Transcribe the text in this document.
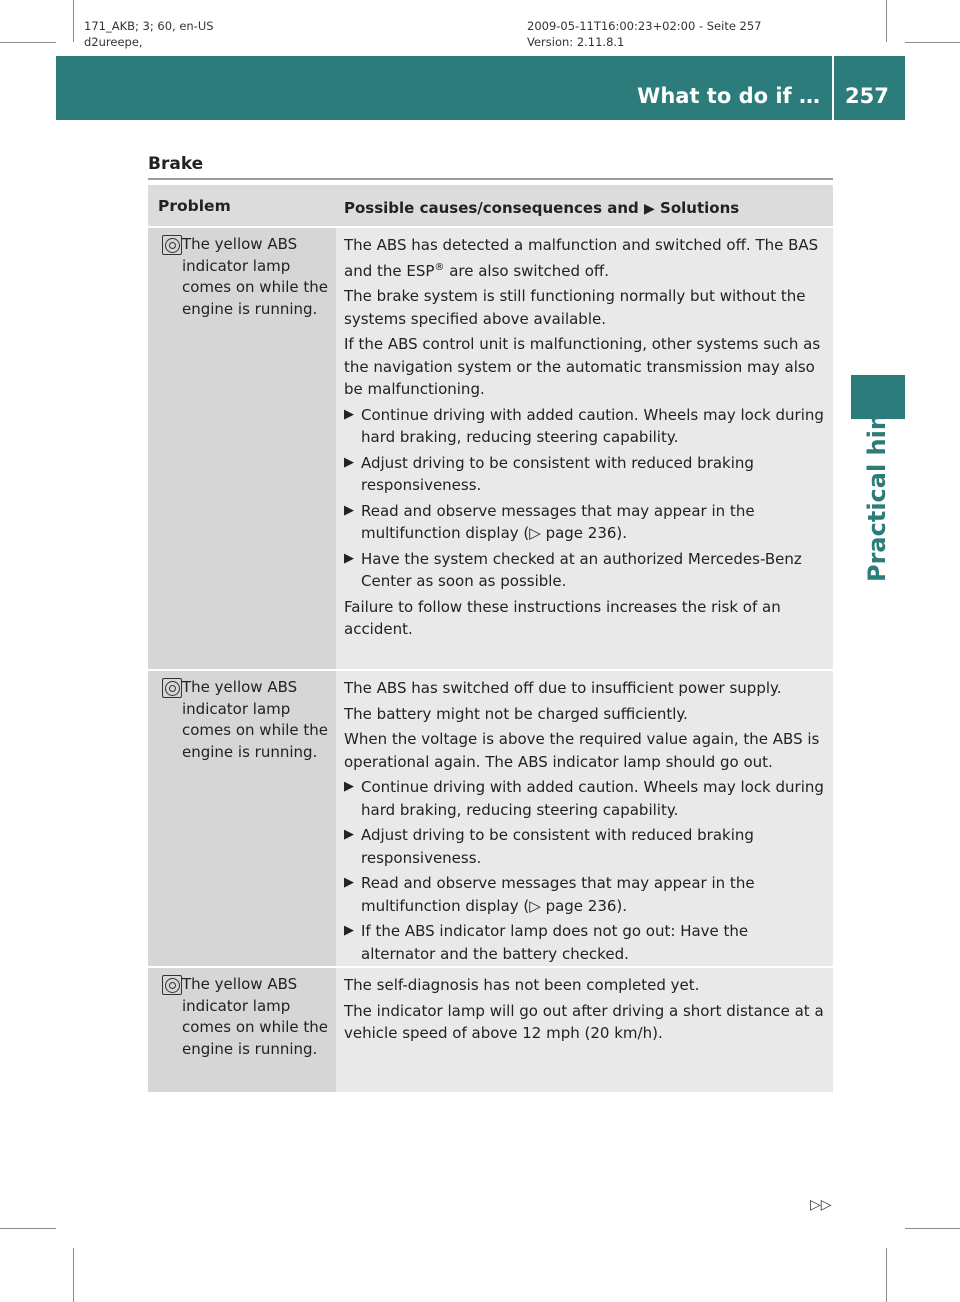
171_AKB; 3; 60, en-US
d2ureepe,
2009-05-11T16:00:23+02:00 - Seite 257
Version: 2.11.8.1
What to do if … 257
Practical hints
Brake
Problem	Possible causes/consequences and ▶ Solutions
The yellow ABS indicator lamp comes on while the engine is running.
The ABS has detected a malfunction and switched off. The BAS and the ESP® are also switched off.
The brake system is still functioning normally but without the systems specified above available.
If the ABS control unit is malfunctioning, other systems such as the navigation system or the automatic transmission may also be malfunctioning.
▶ Continue driving with added caution. Wheels may lock during hard braking, reducing steering capability.
▶ Adjust driving to be consistent with reduced braking responsiveness.
▶ Read and observe messages that may appear in the multifunction display (▷ page 236).
▶ Have the system checked at an authorized Mercedes-Benz Center as soon as possible.
Failure to follow these instructions increases the risk of an accident.
The yellow ABS indicator lamp comes on while the engine is running.
The ABS has switched off due to insufficient power supply.
The battery might not be charged sufficiently.
When the voltage is above the required value again, the ABS is operational again. The ABS indicator lamp should go out.
▶ Continue driving with added caution. Wheels may lock during hard braking, reducing steering capability.
▶ Adjust driving to be consistent with reduced braking responsiveness.
▶ Read and observe messages that may appear in the multifunction display (▷ page 236).
▶ If the ABS indicator lamp does not go out: Have the alternator and the battery checked.
The yellow ABS indicator lamp comes on while the engine is running.
The self-diagnosis has not been completed yet.
The indicator lamp will go out after driving a short distance at a vehicle speed of above 12 mph (20 km/h).
▷▷
